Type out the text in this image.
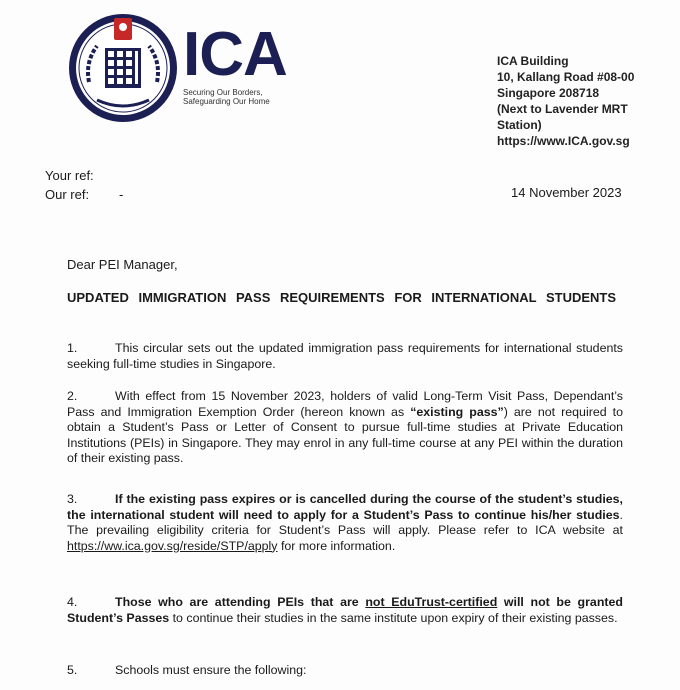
ICA
Securing Our Borders,
Safeguarding Our Home
ICA Building
10, Kallang Road #08-00
Singapore 208718
(Next to Lavender MRT
Station)
https://www.ICA.gov.sg
Your ref:
Our ref: -	14 November 2023
Dear PEI Manager,
UPDATED IMMIGRATION PASS REQUIREMENTS FOR INTERNATIONAL STUDENTS
1.	This circular sets out the updated immigration pass requirements for international students seeking full-time studies in Singapore.
2.	With effect from 15 November 2023, holders of valid Long-Term Visit Pass, Dependant’s Pass and Immigration Exemption Order (hereon known as “existing pass”) are not required to obtain a Student’s Pass or Letter of Consent to pursue full-time studies at Private Education Institutions (PEIs) in Singapore. They may enrol in any full-time course at any PEI within the duration of their existing pass.
3.	If the existing pass expires or is cancelled during the course of the student’s studies, the international student will need to apply for a Student’s Pass to continue his/her studies. The prevailing eligibility criteria for Student’s Pass will apply. Please refer to ICA website at https://ww.ica.gov.sg/reside/STP/apply for more information.
4.	Those who are attending PEIs that are not EduTrust-certified will not be granted Student’s Passes to continue their studies in the same institute upon expiry of their existing passes.
5.	Schools must ensure the following:
